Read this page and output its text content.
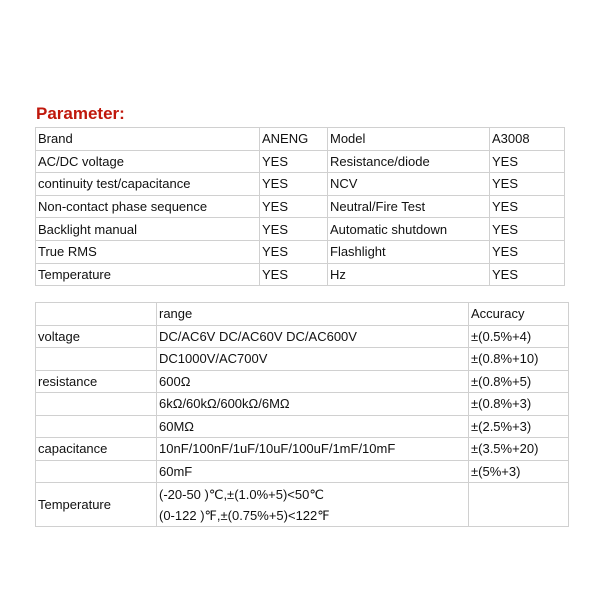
Parameter:
Brand	ANENG	Model	A3008
AC/DC voltage	YES	Resistance/diode	YES
continuity test/capacitance	YES	NCV	YES
Non-contact phase sequence	YES	Neutral/Fire Test	YES
Backlight manual	YES	Automatic shutdown	YES
True RMS	YES	Flashlight	YES
Temperature	YES	Hz	YES
	range	Accuracy
voltage	DC/AC6V DC/AC60V DC/AC600V	±(0.5%+4)
	DC1000V/AC700V	±(0.8%+10)
resistance	600Ω	±(0.8%+5)
	6kΩ/60kΩ/600kΩ/6MΩ	±(0.8%+3)
	60MΩ	±(2.5%+3)
capacitance	10nF/100nF/1uF/10uF/100uF/1mF/10mF	±(3.5%+20)
	60mF	±(5%+3)
Temperature	(-20-50 )℃,±(1.0%+5)<50℃
(0-122 )℉,±(0.75%+5)<122℉	
